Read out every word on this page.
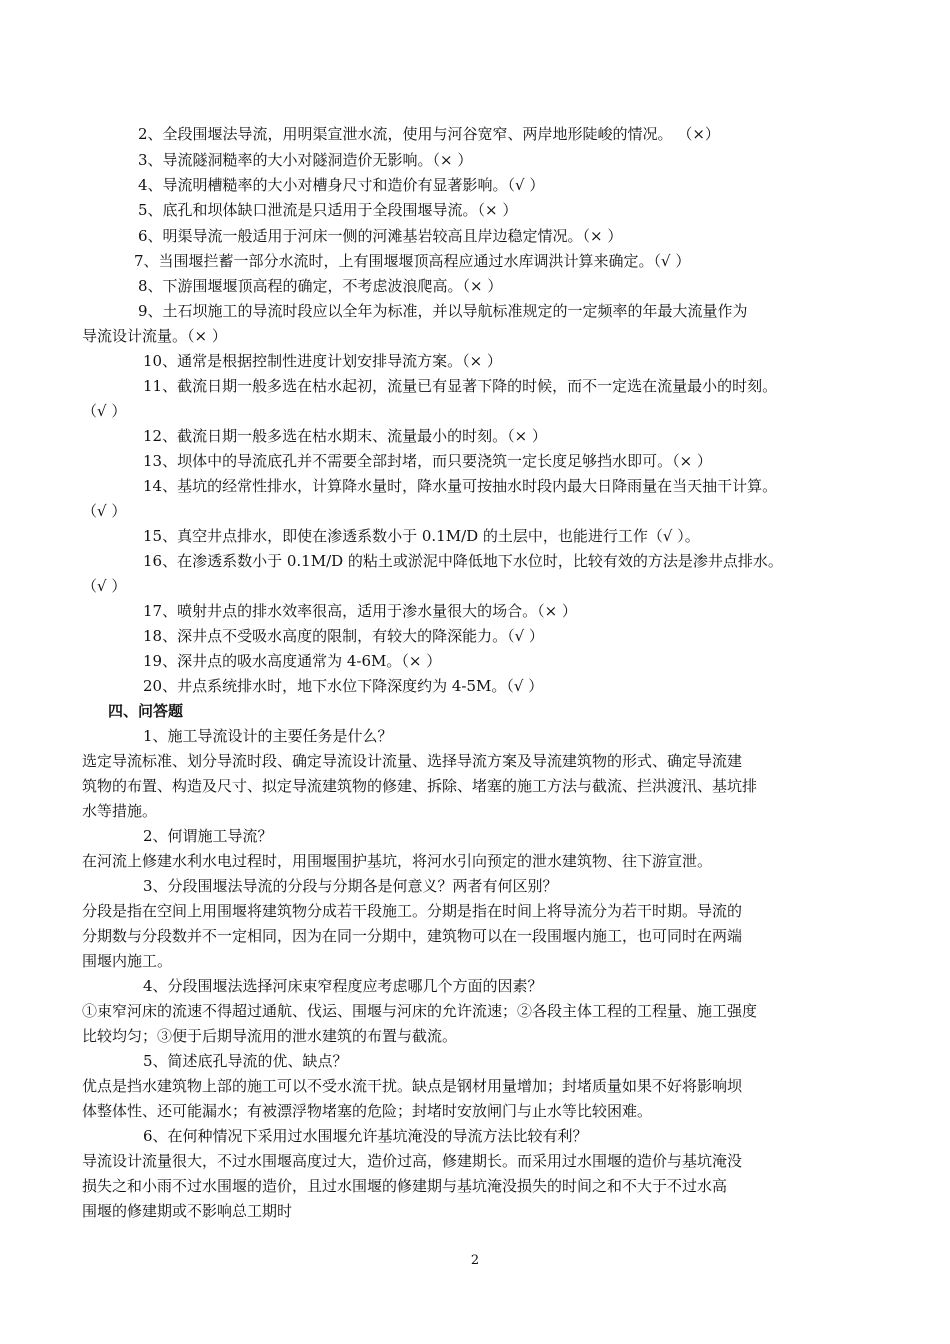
2、全段围堰法导流，用明渠宣泄水流，使用与河谷宽窄、两岸地形陡峻的情况。 （×）
3、导流隧洞糙率的大小对隧洞造价无影响。（× ）
4、导流明槽糙率的大小对槽身尺寸和造价有显著影响。（√ ）
5、底孔和坝体缺口泄流是只适用于全段围堰导流。（× ）
6、明渠导流一般适用于河床一侧的河滩基岩较高且岸边稳定情况。（× ）
7、当围堰拦蓄一部分水流时，上有围堰堰顶高程应通过水库调洪计算来确定。（√ ）
8、下游围堰堰顶高程的确定，不考虑波浪爬高。（× ）
9、土石坝施工的导流时段应以全年为标准，并以导航标准规定的一定频率的年最大流量作为
导流设计流量。（× ）
10、通常是根据控制性进度计划安排导流方案。（× ）
11、截流日期一般多选在枯水起初，流量已有显著下降的时候，而不一定选在流量最小的时刻。
（√ ）
12、截流日期一般多选在枯水期末、流量最小的时刻。（× ）
13、坝体中的导流底孔并不需要全部封堵，而只要浇筑一定长度足够挡水即可。（× ）
14、基坑的经常性排水，计算降水量时，降水量可按抽水时段内最大日降雨量在当天抽干计算。
（√ ）
15、真空井点排水，即使在渗透系数小于 0.1M/D 的土层中，也能进行工作（√ ）。
16、在渗透系数小于 0.1M/D 的粘土或淤泥中降低地下水位时，比较有效的方法是渗井点排水。
（√ ）
17、喷射井点的排水效率很高，适用于渗水量很大的场合。（× ）
18、深井点不受吸水高度的限制，有较大的降深能力。（√ ）
19、深井点的吸水高度通常为 4-6M。（× ）
20、井点系统排水时，地下水位下降深度约为 4-5M。（√ ）
四、问答题
1、施工导流设计的主要任务是什么？
选定导流标准、划分导流时段、确定导流设计流量、选择导流方案及导流建筑物的形式、确定导流建
筑物的布置、构造及尺寸、拟定导流建筑物的修建、拆除、堵塞的施工方法与截流、拦洪渡汛、基坑排
水等措施。
2、何谓施工导流？
在河流上修建水利水电过程时，用围堰围护基坑，将河水引向预定的泄水建筑物、往下游宣泄。
3、分段围堰法导流的分段与分期各是何意义？两者有何区别？
分段是指在空间上用围堰将建筑物分成若干段施工。分期是指在时间上将导流分为若干时期。导流的
分期数与分段数并不一定相同，因为在同一分期中，建筑物可以在一段围堰内施工，也可同时在两端
围堰内施工。
4、分段围堰法选择河床束窄程度应考虑哪几个方面的因素？
①束窄河床的流速不得超过通航、伐运、围堰与河床的允许流速；②各段主体工程的工程量、施工强度
比较均匀；③便于后期导流用的泄水建筑的布置与截流。
5、简述底孔导流的优、缺点？
优点是挡水建筑物上部的施工可以不受水流干扰。缺点是钢材用量增加；封堵质量如果不好将影响坝
体整体性、还可能漏水；有被漂浮物堵塞的危险；封堵时安放闸门与止水等比较困难。
6、在何种情况下采用过水围堰允许基坑淹没的导流方法比较有利？
导流设计流量很大，不过水围堰高度过大，造价过高，修建期长。而采用过水围堰的造价与基坑淹没
损失之和小雨不过水围堰的造价，且过水围堰的修建期与基坑淹没损失的时间之和不大于不过水高
围堰的修建期或不影响总工期时
2
